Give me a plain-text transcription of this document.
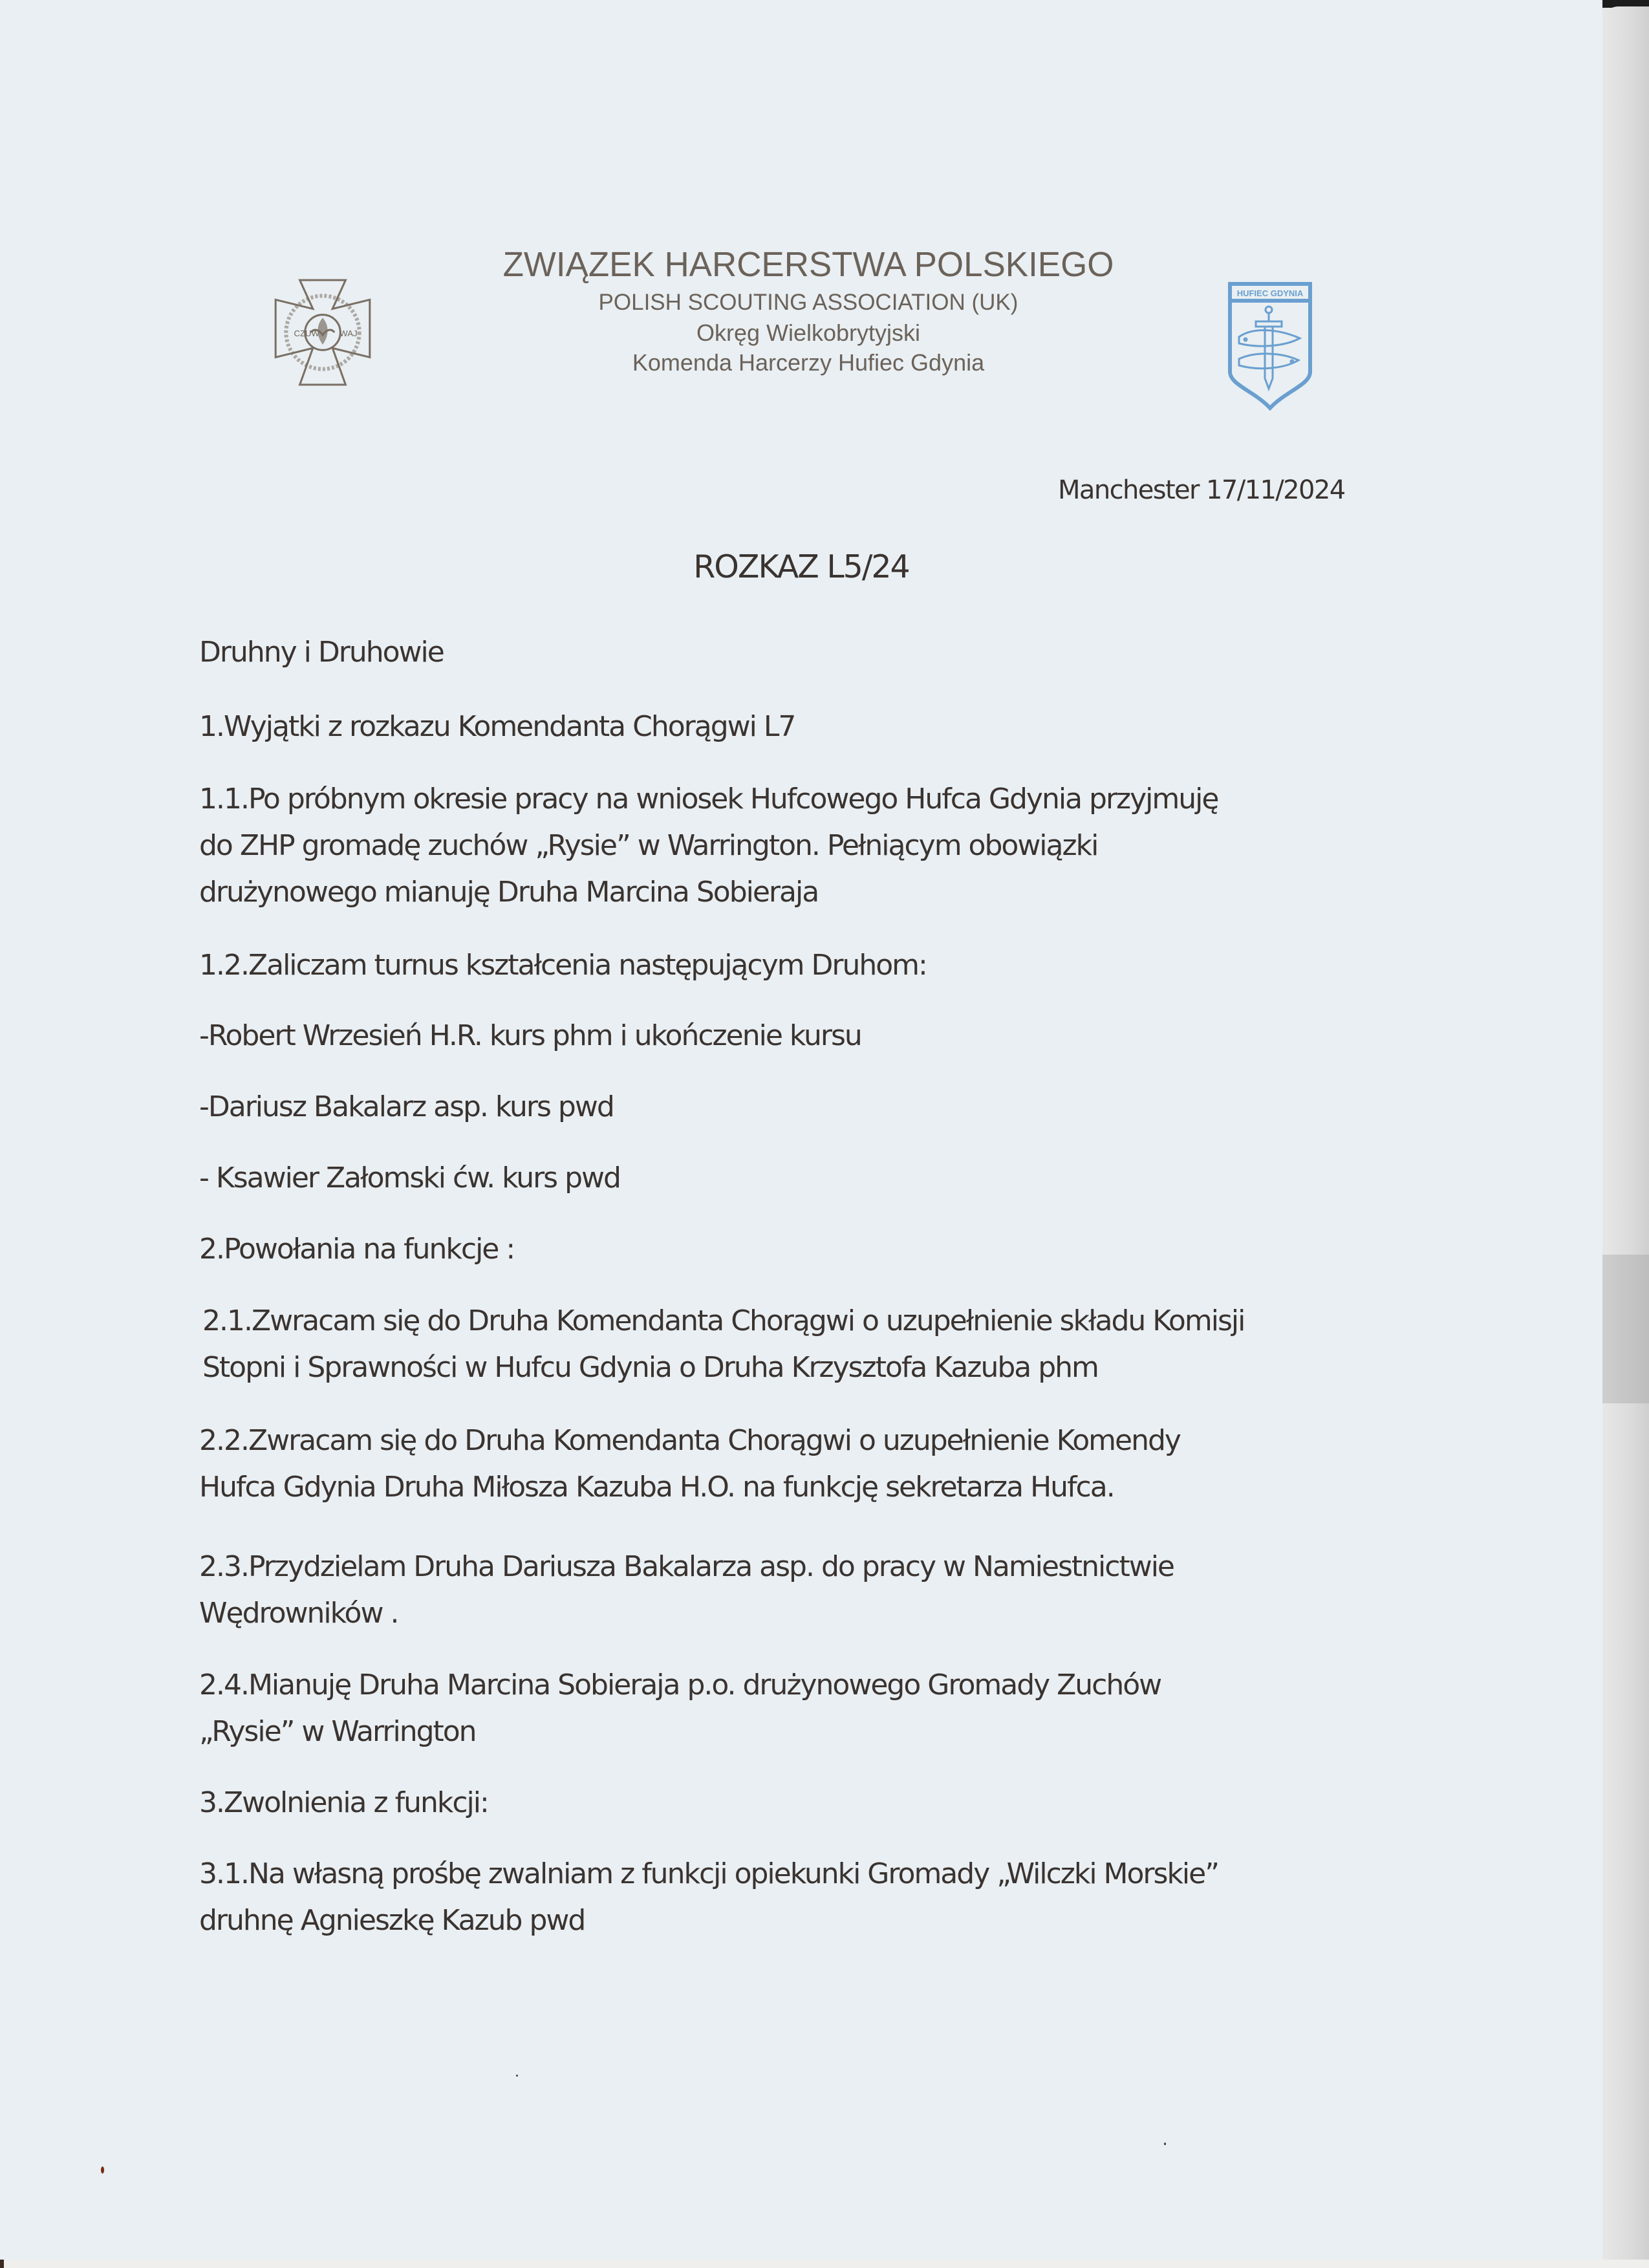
CZUW WAJ
ZWIĄZEK HARCERSTWA POLSKIEGO
POLISH SCOUTING ASSOCIATION (UK)
Okręg Wielkobrytyjski
Komenda Harcerzy Hufiec Gdynia
HUFIEC GDYNIA
Manchester 17/11/2024
ROZKAZ L5/24
Druhny i Druhowie
1.Wyjątki z rozkazu Komendanta Chorągwi L7
1.1.Po próbnym okresie pracy na wniosek Hufcowego Hufca Gdynia przyjmuję
do ZHP gromadę zuchów „Rysie” w Warrington. Pełniącym obowiązki
drużynowego mianuję Druha Marcina Sobieraja
1.2.Zaliczam turnus kształcenia następującym Druhom:
-Robert Wrzesień H.R. kurs phm i ukończenie kursu
-Dariusz Bakalarz asp. kurs pwd
- Ksawier Załomski ćw. kurs pwd
2.Powołania na funkcje :
2.1.Zwracam się do Druha Komendanta Chorągwi o uzupełnienie składu Komisji
Stopni i Sprawności w Hufcu Gdynia o Druha Krzysztofa Kazuba phm
2.2.Zwracam się do Druha Komendanta Chorągwi o uzupełnienie Komendy
Hufca Gdynia Druha Miłosza Kazuba H.O. na funkcję sekretarza Hufca.
2.3.Przydzielam Druha Dariusza Bakalarza asp. do pracy w Namiestnictwie
Wędrowników .
2.4.Mianuję Druha Marcina Sobieraja p.o. drużynowego Gromady Zuchów
„Rysie” w Warrington
3.Zwolnienia z funkcji:
3.1.Na własną prośbę zwalniam z funkcji opiekunki Gromady „Wilczki Morskie”
druhnę Agnieszkę Kazub pwd
